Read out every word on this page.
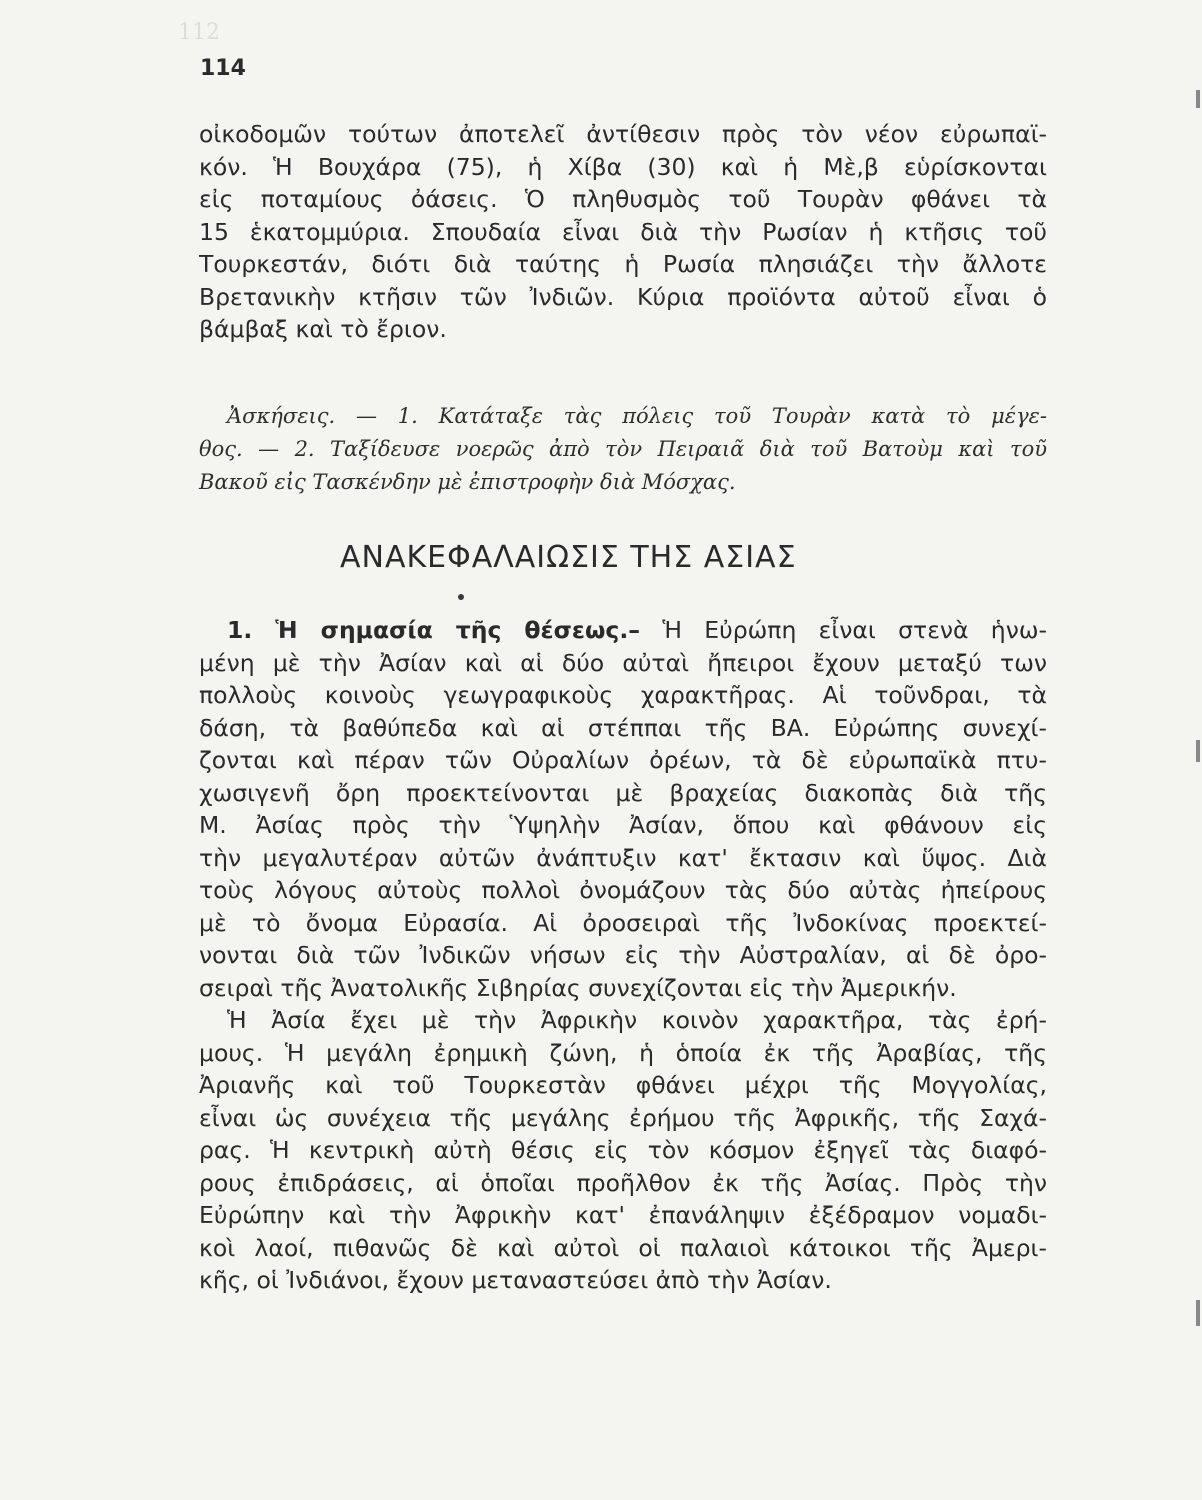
112
114
οἰκοδομῶν τούτων ἀποτελεῖ ἀντίθεσιν πρὸς τὸν νέον εὐρωπαϊ-
κόν. Ἡ Βουχάρα (75), ἡ Χίβα (30) καὶ ἡ Μὲ,β εὑρίσκονται
εἰς ποταμίους ὀάσεις. Ὁ πληθυσμὸς τοῦ Τουρὰν φθάνει τὰ
15 ἑκατομμύρια. Σπουδαία εἶναι διὰ τὴν Ρωσίαν ἡ κτῆσις τοῦ
Τουρκεστάν, διότι διὰ ταύτης ἡ Ρωσία πλησιάζει τὴν ἄλλοτε
Βρετανικὴν κτῆσιν τῶν Ἰνδιῶν. Κύρια προϊόντα αὐτοῦ εἶναι ὁ
βάμβαξ καὶ τὸ ἔριον.
Ἀσκήσεις. — 1. Κατάταξε τὰς πόλεις τοῦ Τουρὰν κατὰ τὸ μέγε-
θος. — 2. Ταξίδευσε νοερῶς ἀπὸ τὸν Πειραιᾶ διὰ τοῦ Βατοὺμ καὶ τοῦ
Βακοῦ εἰς Τασκένδην μὲ ἐπιστροφὴν διὰ Μόσχας.
ΑΝΑΚΕΦΑΛΑΙΩΣΙΣ ΤΗΣ ΑΣΙΑΣ
1. Ἡ σημασία τῆς θέσεως.– Ἡ Εὐρώπη εἶναι στενὰ ἡνω-
μένη μὲ τὴν Ἀσίαν καὶ αἱ δύο αὐταὶ ἤπειροι ἔχουν μεταξύ των
πολλοὺς κοινοὺς γεωγραφικοὺς χαρακτῆρας. Αἱ τοῦνδραι, τὰ
δάση, τὰ βαθύπεδα καὶ αἱ στέππαι τῆς ΒΑ. Εὐρώπης συνεχί-
ζονται καὶ πέραν τῶν Οὐραλίων ὀρέων, τὰ δὲ εὐρωπαϊκὰ πτυ-
χωσιγενῆ ὄρη προεκτείνονται μὲ βραχείας διακοπὰς διὰ τῆς
Μ. Ἀσίας πρὸς τὴν Ὑψηλὴν Ἀσίαν, ὅπου καὶ φθάνουν εἰς
τὴν μεγαλυτέραν αὐτῶν ἀνάπτυξιν κατ' ἔκτασιν καὶ ὕψος. Διὰ
τοὺς λόγους αὐτοὺς πολλοὶ ὀνομάζουν τὰς δύο αὐτὰς ἠπείρους
μὲ τὸ ὄνομα Εὐρασία. Αἱ ὀροσειραὶ τῆς Ἰνδοκίνας προεκτεί-
νονται διὰ τῶν Ἰνδικῶν νήσων εἰς τὴν Αὐστραλίαν, αἱ δὲ ὀρο-
σειραὶ τῆς Ἀνατολικῆς Σιβηρίας συνεχίζονται εἰς τὴν Ἀμερικήν.
Ἡ Ἀσία ἔχει μὲ τὴν Ἀφρικὴν κοινὸν χαρακτῆρα, τὰς ἐρή-
μους. Ἡ μεγάλη ἐρημικὴ ζώνη, ἡ ὁποία ἐκ τῆς Ἀραβίας, τῆς
Ἀριανῆς καὶ τοῦ Τουρκεστὰν φθάνει μέχρι τῆς Μογγολίας,
εἶναι ὡς συνέχεια τῆς μεγάλης ἐρήμου τῆς Ἀφρικῆς, τῆς Σαχά-
ρας. Ἡ κεντρικὴ αὐτὴ θέσις εἰς τὸν κόσμον ἐξηγεῖ τὰς διαφό-
ρους ἐπιδράσεις, αἱ ὁποῖαι προῆλθον ἐκ τῆς Ἀσίας. Πρὸς τὴν
Εὐρώπην καὶ τὴν Ἀφρικὴν κατ' ἐπανάληψιν ἐξέδραμον νομαδι-
κοὶ λαοί, πιθανῶς δὲ καὶ αὐτοὶ οἱ παλαιοὶ κάτοικοι τῆς Ἀμερι-
κῆς, οἱ Ἰνδιάνοι, ἔχουν μεταναστεύσει ἀπὸ τὴν Ἀσίαν.
